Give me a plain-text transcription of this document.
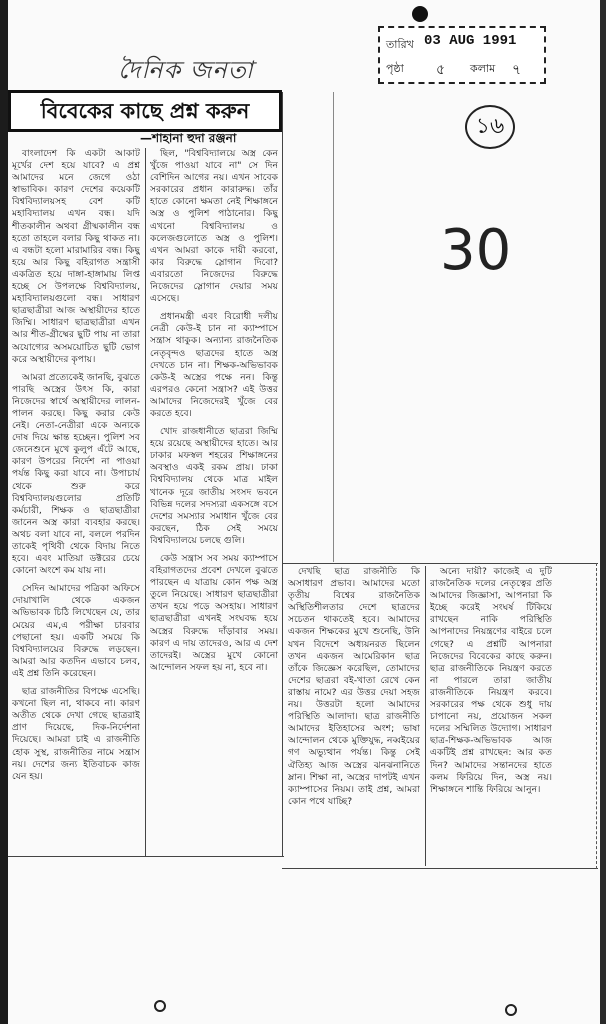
দৈনিক জনতা
তারিখ 03 AUG 1991
পৃষ্ঠা ৫ কলাম ৭
১৬
30
বিবেকের কাছে প্রশ্ন করুন
—শাহানা হুদা রঞ্জনা

বাংলাদেশ কি একটা আকাট মূর্খের দেশ হয়ে যাবে? এ প্রশ্ন আমাদের মনে জেগে ওঠা স্বাভাবিক। কারণ দেশের কয়েকটি বিশ্ববিদ্যালয়সহ বেশ কটি মহাবিদ্যালয় এখন বন্ধ। যদি শীতকালীন অথবা গ্রীষ্মকালীন বন্ধ হতো তাহলে বলার কিছু থাকত না। এ বন্ধটা হলো মারামারির বন্ধ। কিছু হয়ে আর কিছু বহিরাগত সন্ত্রাসী একত্রিত হয়ে দাঙ্গা-হাঙ্গামায় লিপ্ত হচ্ছে সে উপলক্ষে বিশ্ববিদ্যালয়, মহাবিদ্যালয়গুলো বন্ধ। সাধারণ ছাত্রছাত্রীরা আজ অস্থায়ীদের হাতে জিম্মি। সাধারণ ছাত্রছাত্রীরা এখন আর শীত-গ্রীষ্মের ছুটি পায় না তারা অযোগ্যের অসময়োচিত ছুটি ভোগ করে অস্থায়ীদের কৃপায়।

আমরা প্রত্যেকেই জানছি, বুঝতে পারছি অস্ত্রের উৎস কি, কারা নিজেদের স্বার্থে অস্থায়ীদের লালন-পালন করছে। কিছু করার কেউ নেই। নেতা-নেত্রীরা একে অন্যকে দোষ দিয়ে ক্ষান্ত হচ্ছেন। পুলিশ সব জেনেশুনে মুখে কুলুপ এঁটে আছে, কারণ উপরের নির্দেশ না পাওয়া পর্যন্ত কিছু করা যাবে না। উপাচার্য থেকে শুরু করে বিশ্ববিদ্যালয়গুলোর প্রতিটি কর্মচারী, শিক্ষক ও ছাত্রছাত্রীরা জানেন অস্ত্র কারা ব্যবহার করছে। অথচ বলা যাবে না, বললে পরদিন তাকেই পৃথিবী থেকে বিদায় নিতে হবে। এবং মাতিয়া ডক্টরের চেয়ে কোনো অংশে কম যায় না।

সেদিন আমাদের পত্রিকা অফিসে দোয়াখালি থেকে একজন অভিভাবক চিঠি লিখেছেন যে, তার মেয়ের এম,এ পরীক্ষা চারবার পেছানো হয়। একটি সময়ে কি বিশ্ববিদ্যালয়ের বিরুদ্ধে লড়ছেন। আমরা আর কতদিন এভাবে চলব, এই প্রশ্ন তিনি করেছেন।

ছাত্র রাজনীতির বিপক্ষে এসেছি। কখনো ছিল না, থাকবে না। কারণ অতীত থেকে দেখা গেছে ছাত্ররাই প্রাণ দিয়েছে, দিক-নির্দেশনা দিয়েছে। আমরা চাই এ রাজনীতি হোক সুস্থ, রাজনীতির নামে সন্ত্রাস নয়। দেশের জন্য ইতিবাচক কাজ যেন হয়।

ছিল, "বিশ্ববিদ্যালয়ে অস্ত্র কেন খুঁজে পাওয়া যাবে না" সে দিন বেশিদিন আগের নয়। এখন সাবেক সরকারের প্রধান কারারুদ্ধ। তাঁর হাতে কোনো ক্ষমতা নেই শিক্ষাঙ্গনে অস্ত্র ও পুলিশ পাঠানোর। কিছু এখনো বিশ্ববিদ্যালয় ও কলেজগুলোতে অস্ত্র ও পুলিশ। এখন আমরা কাকে দায়ী করবো, কার বিরুদ্ধে স্লোগান দিবো? এবারতো নিজেদের বিরুদ্ধে নিজেদের স্লোগান দেয়ার সময় এসেছে।

প্রধানমন্ত্রী এবং বিরোধী দলীয় নেত্রী কেউ-ই চান না ক্যাম্পাসে সন্ত্রাস থাকুক। অন্যান্য রাজনৈতিক নেতৃবৃন্দও ছাত্রদের হাতে অস্ত্র দেখতে চান না। শিক্ষক-অভিভাবক কেউ-ই অস্ত্রের পক্ষে নন। কিন্তু এরপরও কেনো সন্ত্রাস? এই উত্তর আমাদের নিজেদেরই খুঁজে বের করতে হবে।

খোদ রাজধানীতে ছাত্ররা জিম্মি হয়ে রয়েছে অস্থায়ীদের হাতে। আর ঢাকার মফস্বল শহরের শিক্ষাঙ্গনের অবস্থাও একই রকম প্রায়। ঢাকা বিশ্ববিদ্যালয় থেকে মাত্র মাইল খানেক দূরে জাতীয় সংসদ ভবনে বিভিন্ন দলের সদস্যরা একসঙ্গে বসে দেশের সমস্যার সমাধান খুঁজে বের করছেন, ঠিক সেই সময়ে বিশ্ববিদ্যালয়ে চলছে গুলি।

কেউ সন্ত্রাস সব সময় ক্যাম্পাসে বহিরাগতদের প্রবেশ দেখলে বুঝতে পারছেন এ যাত্রায় কোন পক্ষ অস্ত্র তুলে নিয়েছে। সাধারণ ছাত্রছাত্রীরা তখন হয়ে পড়ে অসহায়। সাধারণ ছাত্রছাত্রীরা এখনই সংঘবদ্ধ হয়ে অস্ত্রের বিরুদ্ধে দাঁড়াবার সময়। কারণ এ দায় তাদেরও, আর এ দেশ তাদেরই। অস্ত্রের মুখে কোনো আন্দোলন সফল হয় না, হবে না।

দেখছি ছাত্র রাজনীতি কি অসাধারণ প্রভাব। আমাদের মতো তৃতীয় বিশ্বের রাজনৈতিক অস্থিতিশীলতার দেশে ছাত্রদের সচেতন থাকতেই হবে। আমাদের একজন শিক্ষকের মুখে শুনেছি, উনি যখন বিদেশে অধ্যয়নরত ছিলেন তখন একজন আমেরিকান ছাত্র তাঁকে জিজ্ঞেস করেছিল, তোমাদের দেশের ছাত্ররা বই-খাতা রেখে কেন রাস্তায় নামে? এর উত্তর দেয়া সহজ নয়। উত্তরটা হলো আমাদের পরিস্থিতি আলাদা। ছাত্র রাজনীতি আমাদের ইতিহাসের অংশ; ভাষা আন্দোলন থেকে মুক্তিযুদ্ধ, নব্বইয়ের গণ অভ্যুত্থান পর্যন্ত। কিন্তু সেই ঐতিহ্য আজ অস্ত্রের ঝনঝনানিতে ম্লান। শিক্ষা না, অস্ত্রের দাপটই এখন ক্যাম্পাসের নিয়ম। তাই প্রশ্ন, আমরা কোন পথে যাচ্ছি?

অন্যে দায়ী? কাজেই এ দুটি রাজনৈতিক দলের নেতৃত্বের প্রতি আমাদের জিজ্ঞাসা, আপনারা কি ইচ্ছে করেই সংঘর্ষ টিকিয়ে রাখছেন নাকি পরিস্থিতি আপনাদের নিয়ন্ত্রণের বাইরে চলে গেছে? এ প্রশ্নটি আপনারা নিজেদের বিবেকের কাছে করুন। ছাত্র রাজনীতিকে নিয়ন্ত্রণ করতে না পারলে তারা জাতীয় রাজনীতিকে নিয়ন্ত্রণ করবে। সরকারের পক্ষ থেকে শুধু দায় চাপানো নয়, প্রয়োজন সকল দলের সম্মিলিত উদ্যোগ। সাধারণ ছাত্র-শিক্ষক-অভিভাবক আজ একটিই প্রশ্ন রাখছেন: আর কত দিন? আমাদের সন্তানদের হাতে কলম ফিরিয়ে দিন, অস্ত্র নয়। শিক্ষাঙ্গনে শান্তি ফিরিয়ে আনুন।
